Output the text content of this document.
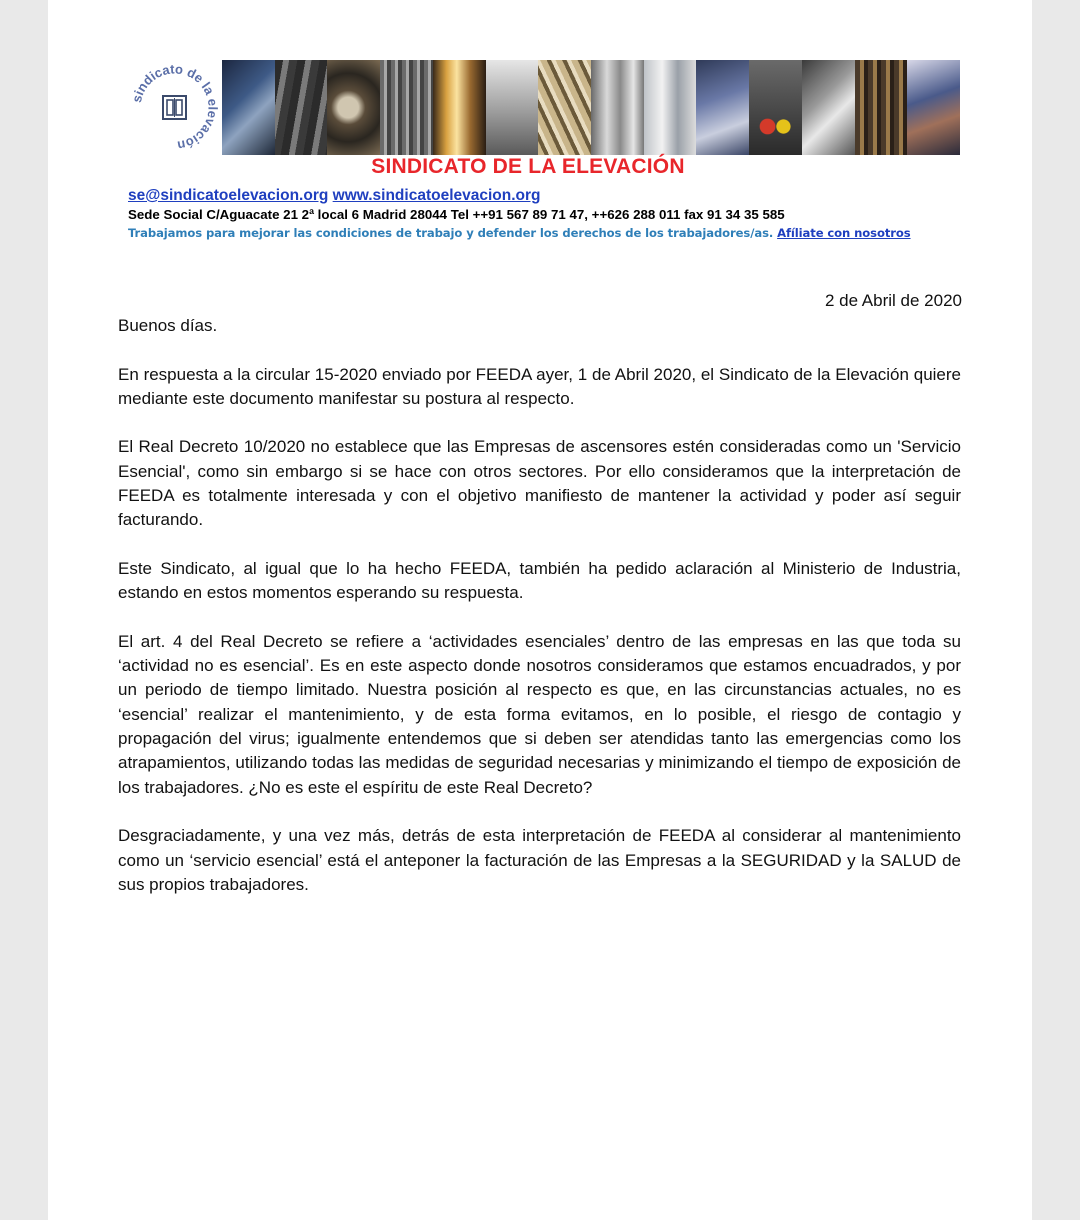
sindicato de la elevación
SINDICATO DE LA ELEVACIÓN
se@sindicatoelevacion.org www.sindicatoelevacion.org
Sede Social C/Aguacate 21 2ª local 6 Madrid 28044 Tel ++91 567 89 71 47, ++626 288 011 fax 91 34 35 585
Trabajamos para mejorar las condiciones de trabajo y defender los derechos de los trabajadores/as. Afíliate con nosotros
2 de Abril de 2020

Buenos días.

En respuesta a la circular 15-2020 enviado por FEEDA ayer, 1 de Abril 2020, el Sindicato de la Elevación quiere mediante este documento manifestar su postura al respecto.

El Real Decreto 10/2020 no establece que las Empresas de ascensores estén consideradas como un 'Servicio Esencial', como sin embargo si se hace con otros sectores. Por ello consideramos que la interpretación de FEEDA es totalmente interesada y con el objetivo manifiesto de mantener la actividad y poder así seguir facturando.

Este Sindicato, al igual que lo ha hecho FEEDA, también ha pedido aclaración al Ministerio de Industria, estando en estos momentos esperando su respuesta.

El art. 4 del Real Decreto se refiere a ‘actividades esenciales’ dentro de las empresas en las que toda su ‘actividad no es esencial’. Es en este aspecto donde nosotros consideramos que estamos encuadrados, y por un periodo de tiempo limitado. Nuestra posición al respecto es que, en las circunstancias actuales, no es ‘esencial’ realizar el mantenimiento, y de esta forma evitamos, en lo posible, el riesgo de contagio y propagación del virus; igualmente entendemos que si deben ser atendidas tanto las emergencias como los atrapamientos, utilizando todas las medidas de seguridad necesarias y minimizando el tiempo de exposición de los trabajadores. ¿No es este el espíritu de este Real Decreto?

Desgraciadamente, y una vez más, detrás de esta interpretación de FEEDA al considerar al mantenimiento como un ‘servicio esencial’ está el anteponer la facturación de las Empresas a la SEGURIDAD y la SALUD de sus propios trabajadores.
